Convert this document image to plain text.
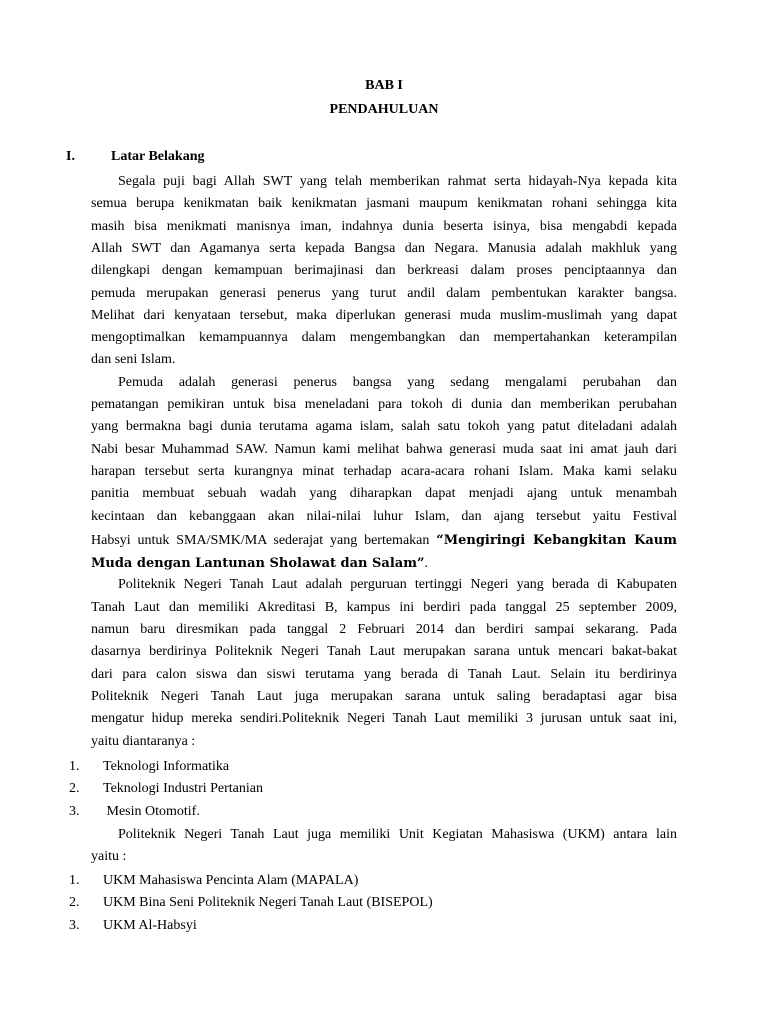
BAB I
PENDAHULUAN
I.	Latar Belakang
Segala puji bagi Allah SWT yang telah memberikan rahmat serta hidayah-Nya kepada kita
semua berupa kenikmatan baik kenikmatan jasmani maupum kenikmatan rohani sehingga kita
masih bisa menikmati manisnya iman, indahnya dunia beserta isinya, bisa mengabdi kepada
Allah SWT dan Agamanya serta kepada Bangsa dan Negara. Manusia adalah makhluk yang
dilengkapi dengan kemampuan berimajinasi dan berkreasi dalam proses penciptaannya dan
pemuda merupakan generasi penerus yang turut andil dalam pembentukan karakter bangsa.
Melihat dari kenyataan tersebut, maka diperlukan generasi muda muslim-muslimah yang dapat
mengoptimalkan kemampuannya dalam mengembangkan dan mempertahankan keterampilan
dan seni Islam.
Pemuda adalah generasi penerus bangsa yang sedang mengalami perubahan dan
pematangan pemikiran untuk bisa meneladani para tokoh di dunia dan memberikan perubahan
yang bermakna bagi dunia terutama agama islam, salah satu tokoh yang patut diteladani adalah
Nabi besar Muhammad SAW. Namun kami melihat bahwa generasi muda saat ini amat jauh dari
harapan tersebut serta kurangnya minat terhadap acara-acara rohani Islam. Maka kami selaku
panitia membuat sebuah wadah yang diharapkan dapat menjadi ajang untuk menambah
kecintaan dan kebanggaan akan nilai-nilai luhur Islam, dan ajang tersebut yaitu Festival
Habsyi untuk SMA/SMK/MA sederajat yang bertemakan “Mengiringi Kebangkitan Kaum
Muda dengan Lantunan Sholawat dan Salam”.
Politeknik Negeri Tanah Laut adalah perguruan tertinggi Negeri yang berada di Kabupaten
Tanah Laut dan memiliki Akreditasi B, kampus ini berdiri pada tanggal 25 september 2009,
namun baru diresmikan pada tanggal 2 Februari 2014 dan berdiri sampai sekarang. Pada
dasarnya berdirinya Politeknik Negeri Tanah Laut merupakan sarana untuk mencari bakat-bakat
dari para calon siswa dan siswi terutama yang berada di Tanah Laut. Selain itu berdirinya
Politeknik Negeri Tanah Laut juga merupakan sarana untuk saling beradaptasi agar bisa
mengatur hidup mereka sendiri.Politeknik Negeri Tanah Laut memiliki 3 jurusan untuk saat ini,
yaitu diantaranya :
1. Teknologi Informatika
2. Teknologi Industri Pertanian
3. Mesin Otomotif.
Politeknik Negeri Tanah Laut juga memiliki Unit Kegiatan Mahasiswa (UKM) antara lain
yaitu :
1. UKM Mahasiswa Pencinta Alam (MAPALA)
2. UKM Bina Seni Politeknik Negeri Tanah Laut (BISEPOL)
3. UKM Al-Habsyi
